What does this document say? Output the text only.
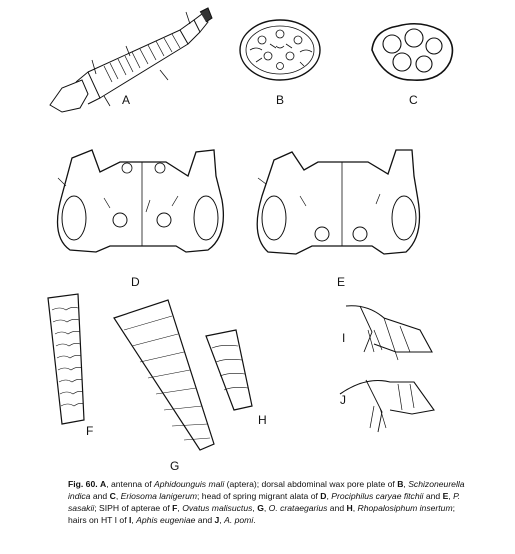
A	B	C
D	E
F
G
H
I
J
Fig. 60. A, antenna of Aphidounguis mali (aptera); dorsal abdominal wax pore plate of B, Schizoneurella indica and C, Eriosoma lanigerum; head of spring migrant alata of D, Prociphilus caryae fitchii and E, P. sasakii; SIPH of apterae of F, Ovatus malisuctus, G, O. crataegarius and H, Rhopalosiphum insertum; hairs on HT I of I, Aphis eugeniae and J, A. pomi.
